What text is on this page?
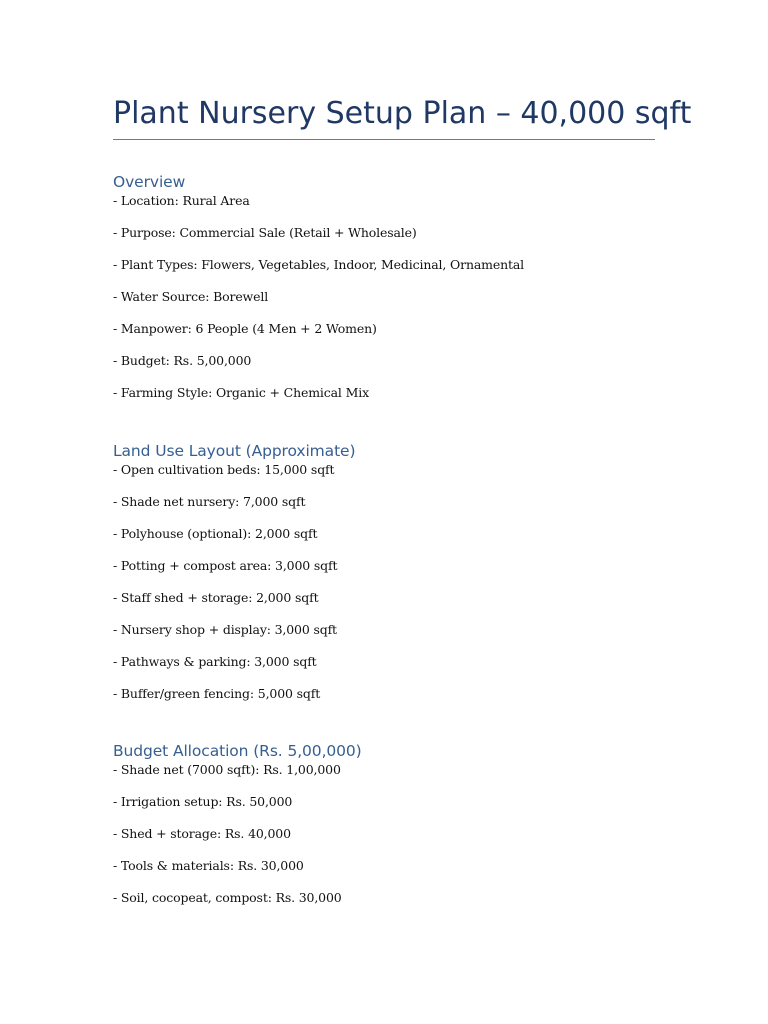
Plant Nursery Setup Plan – 40,000 sqft
Overview
- Location: Rural Area
- Purpose: Commercial Sale (Retail + Wholesale)
- Plant Types: Flowers, Vegetables, Indoor, Medicinal, Ornamental
- Water Source: Borewell
- Manpower: 6 People (4 Men + 2 Women)
- Budget: Rs. 5,00,000
- Farming Style: Organic + Chemical Mix
Land Use Layout (Approximate)
- Open cultivation beds: 15,000 sqft
- Shade net nursery: 7,000 sqft
- Polyhouse (optional): 2,000 sqft
- Potting + compost area: 3,000 sqft
- Staff shed + storage: 2,000 sqft
- Nursery shop + display: 3,000 sqft
- Pathways & parking: 3,000 sqft
- Buffer/green fencing: 5,000 sqft
Budget Allocation (Rs. 5,00,000)
- Shade net (7000 sqft): Rs. 1,00,000
- Irrigation setup: Rs. 50,000
- Shed + storage: Rs. 40,000
- Tools & materials: Rs. 30,000
- Soil, cocopeat, compost: Rs. 30,000
